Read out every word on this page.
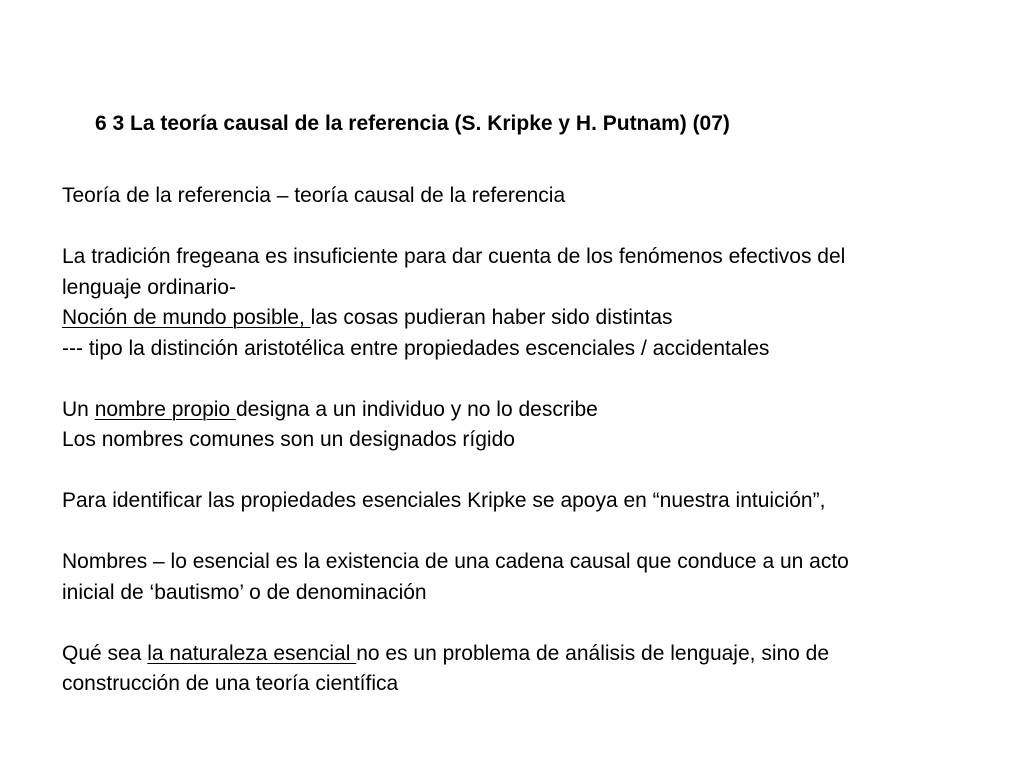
6 3 La teoría causal de la referencia (S. Kripke y H. Putnam) (07)
Teoría de la referencia – teoría causal de la referencia
La tradición fregeana es insuficiente para dar cuenta de los fenómenos efectivos del
lenguaje ordinario-
Noción de mundo posible, las cosas pudieran haber sido distintas
--- tipo la distinción aristotélica entre propiedades escenciales / accidentales
Un nombre propio designa a un individuo y no lo describe
Los nombres comunes son un designados rígido
Para identificar las propiedades esenciales Kripke se apoya en “nuestra intuición”,
Nombres – lo esencial es la existencia de una cadena causal que conduce a un acto
inicial de ‘bautismo’ o de denominación
Qué sea la naturaleza esencial no es un problema de análisis de lenguaje, sino de
construcción de una teoría científica
